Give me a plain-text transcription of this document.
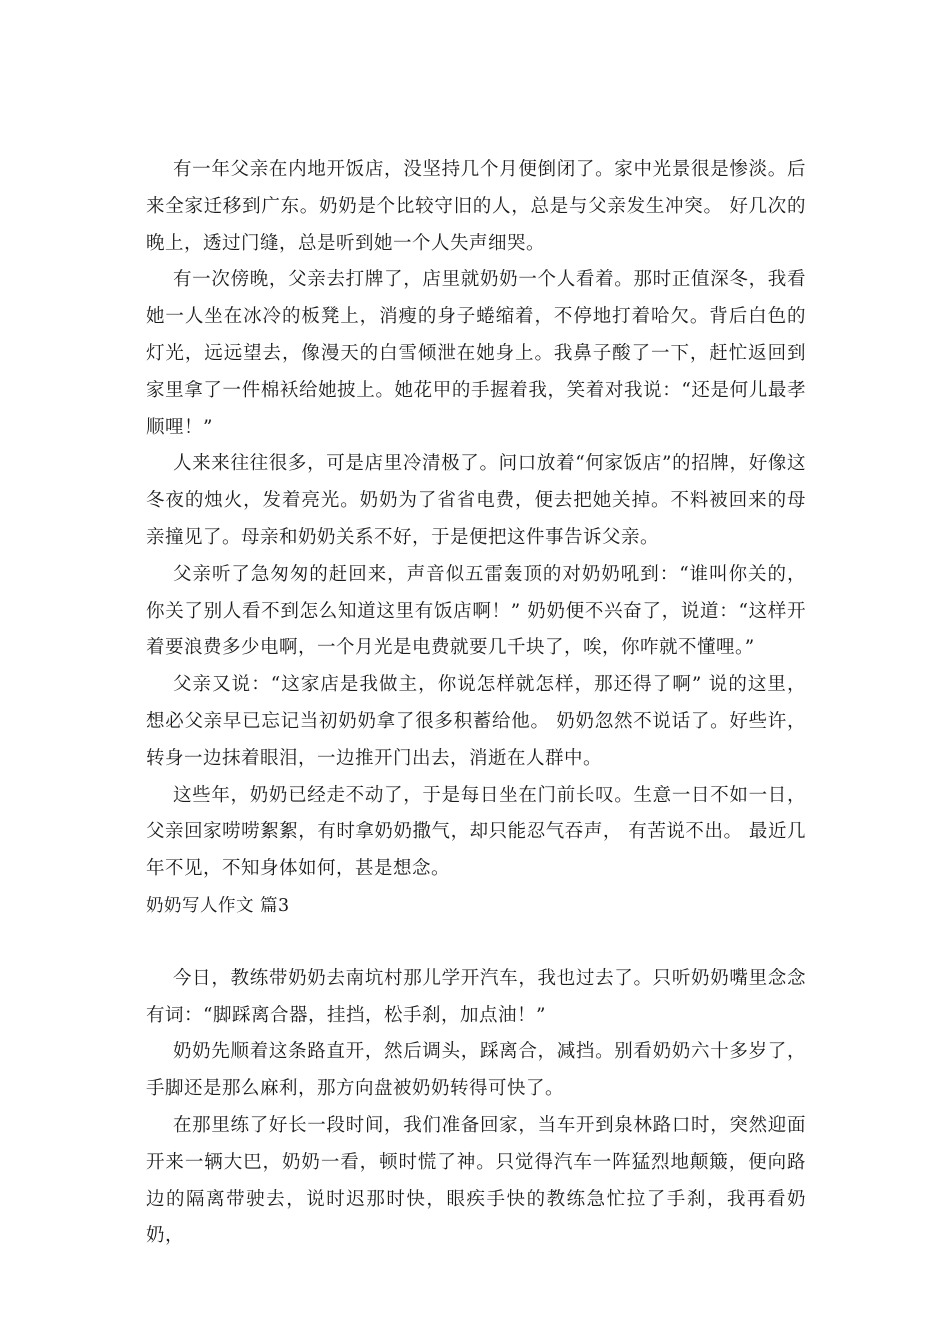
有一年父亲在内地开饭店，没坚持几个月便倒闭了。家中光景很是惨淡。后来全家迁移到广东。奶奶是个比较守旧的人，总是与父亲发生冲突。 好几次的晚上，透过门缝，总是听到她一个人失声细哭。

有一次傍晚，父亲去打牌了，店里就奶奶一个人看着。那时正值深冬，我看她一人坐在冰冷的板凳上，消瘦的身子蜷缩着，不停地打着哈欠。背后白色的灯光，远远望去，像漫天的白雪倾泄在她身上。我鼻子酸了一下，赶忙返回到家里拿了一件棉袄给她披上。她花甲的手握着我，笑着对我说：“还是何儿最孝顺哩！”

人来来往往很多，可是店里冷清极了。问口放着“何家饭店”的招牌，好像这冬夜的烛火，发着亮光。奶奶为了省省电费，便去把她关掉。不料被回来的母亲撞见了。母亲和奶奶关系不好，于是便把这件事告诉父亲。

父亲听了急匆匆的赶回来，声音似五雷轰顶的对奶奶吼到：“谁叫你关的，你关了别人看不到怎么知道这里有饭店啊！” 奶奶便不兴奋了，说道：“这样开着要浪费多少电啊，一个月光是电费就要几千块了，唉，你咋就不懂哩。”

父亲又说：“这家店是我做主，你说怎样就怎样，那还得了啊” 说的这里，想必父亲早已忘记当初奶奶拿了很多积蓄给他。 奶奶忽然不说话了。好些许，转身一边抹着眼泪，一边推开门出去，消逝在人群中。

这些年，奶奶已经走不动了，于是每日坐在门前长叹。生意一日不如一日，父亲回家唠唠絮絮，有时拿奶奶撒气，却只能忍气吞声， 有苦说不出。 最近几年不见，不知身体如何，甚是想念。

奶奶写人作文 篇3

今日，教练带奶奶去南坑村那儿学开汽车，我也过去了。只听奶奶嘴里念念有词：“脚踩离合器，挂挡，松手刹，加点油！”

奶奶先顺着这条路直开，然后调头，踩离合，减挡。别看奶奶六十多岁了，手脚还是那么麻利，那方向盘被奶奶转得可快了。

在那里练了好长一段时间，我们准备回家，当车开到泉林路口时，突然迎面开来一辆大巴，奶奶一看，顿时慌了神。只觉得汽车一阵猛烈地颠簸，便向路边的隔离带驶去，说时迟那时快，眼疾手快的教练急忙拉了手刹，我再看奶奶，
